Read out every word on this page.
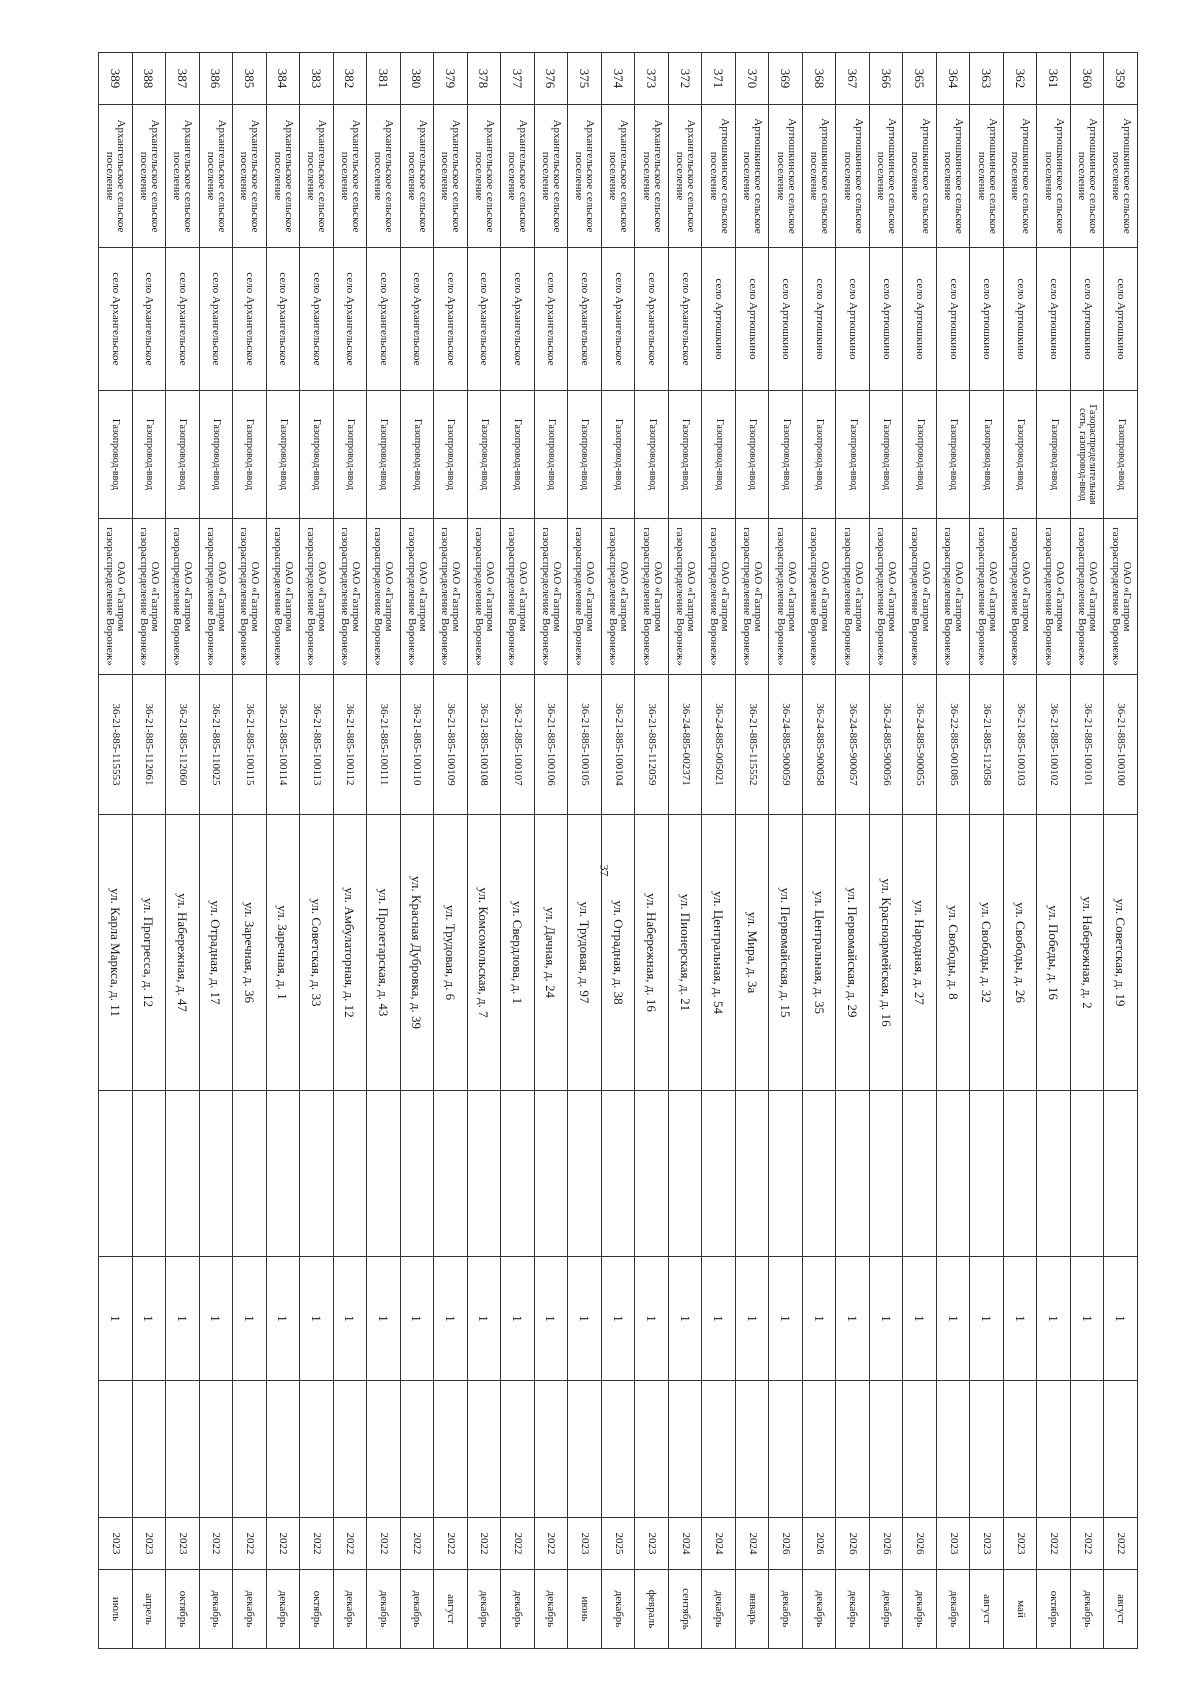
37
359	Артюшкинское сельское поселение	село Артюшкино	Газопровод-ввод	ОАО «Газпром газораспределение Воронеж»	36-21-885-100100	ул. Советская, д. 19		1		2022	август
360	Артюшкинское сельское поселение	село Артюшкино	Газораспределительная сеть, газопровод-ввод	ОАО «Газпром газораспределение Воронеж»	36-21-885-100101	ул. Набережная, д. 2		1		2022	декабрь
361	Артюшкинское сельское поселение	село Артюшкино	Газопровод-ввод	ОАО «Газпром газораспределение Воронеж»	36-21-885-100102	ул. Победы, д. 16		1		2022	октябрь
362	Артюшкинское сельское поселение	село Артюшкино	Газопровод-ввод	ОАО «Газпром газораспределение Воронеж»	36-21-885-100103	ул. Свободы, д. 26		1		2023	май
363	Артюшкинское сельское поселение	село Артюшкино	Газопровод-ввод	ОАО «Газпром газораспределение Воронеж»	36-21-885-112058	ул. Свободы, д. 32		1		2023	август
364	Артюшкинское сельское поселение	село Артюшкино	Газопровод-ввод	ОАО «Газпром газораспределение Воронеж»	36-22-885-001085	ул. Свободы, д. 8		1		2023	декабрь
365	Артюшкинское сельское поселение	село Артюшкино	Газопровод-ввод	ОАО «Газпром газораспределение Воронеж»	36-24-885-900055	ул. Народная, д. 27		1		2026	декабрь
366	Артюшкинское сельское поселение	село Артюшкино	Газопровод-ввод	ОАО «Газпром газораспределение Воронеж»	36-24-885-900056	ул. Красноармейская, д. 16		1		2026	декабрь
367	Артюшкинское сельское поселение	село Артюшкино	Газопровод-ввод	ОАО «Газпром газораспределение Воронеж»	36-24-885-900057	ул. Первомайская, д. 29		1		2026	декабрь
368	Артюшкинское сельское поселение	село Артюшкино	Газопровод-ввод	ОАО «Газпром газораспределение Воронеж»	36-24-885-900058	ул. Центральная, д. 35		1		2026	декабрь
369	Артюшкинское сельское поселение	село Артюшкино	Газопровод-ввод	ОАО «Газпром газораспределение Воронеж»	36-24-885-900059	ул. Первомайская, д. 15		1		2026	декабрь
370	Артюшкинское сельское поселение	село Артюшкино	Газопровод-ввод	ОАО «Газпром газораспределение Воронеж»	36-21-885-115552	ул. Мира, д. 3а		1		2024	январь
371	Артюшкинское сельское поселение	село Артюшкино	Газопровод-ввод	ОАО «Газпром газораспределение Воронеж»	36-24-885-005021	ул. Центральная, д. 54		1		2024	декабрь
372	Архангельское сельское поселение	село Архангельское	Газопровод-ввод	ОАО «Газпром газораспределение Воронеж»	36-24-885-002371	ул. Пионерская, д. 21		1		2024	сентябрь
373	Архангельское сельское поселение	село Архангельское	Газопровод-ввод	ОАО «Газпром газораспределение Воронеж»	36-21-885-112059	ул. Набережная, д. 16		1		2023	февраль
374	Архангельское сельское поселение	село Архангельское	Газопровод-ввод	ОАО «Газпром газораспределение Воронеж»	36-21-885-100104	ул. Отрадная, д. 38		1		2025	декабрь
375	Архангельское сельское поселение	село Архангельское	Газопровод-ввод	ОАО «Газпром газораспределение Воронеж»	36-21-885-100105	ул. Трудовая, д. 97		1		2023	июнь
376	Архангельское сельское поселение	село Архангельское	Газопровод-ввод	ОАО «Газпром газораспределение Воронеж»	36-21-885-100106	ул. Дачная, д. 24		1		2022	декабрь
377	Архангельское сельское поселение	село Архангельское	Газопровод-ввод	ОАО «Газпром газораспределение Воронеж»	36-21-885-100107	ул. Свердлова, д. 1		1		2022	декабрь
378	Архангельское сельское поселение	село Архангельское	Газопровод-ввод	ОАО «Газпром газораспределение Воронеж»	36-21-885-100108	ул. Комсомольская, д. 7		1		2022	декабрь
379	Архангельское сельское поселение	село Архангельское	Газопровод-ввод	ОАО «Газпром газораспределение Воронеж»	36-21-885-100109	ул. Трудовая, д. 6		1		2022	август
380	Архангельское сельское поселение	село Архангельское	Газопровод-ввод	ОАО «Газпром газораспределение Воронеж»	36-21-885-100110	ул. Красная Дубровка, д. 39		1		2022	декабрь
381	Архангельское сельское поселение	село Архангельское	Газопровод-ввод	ОАО «Газпром газораспределение Воронеж»	36-21-885-100111	ул. Пролетарская, д. 43		1		2022	декабрь
382	Архангельское сельское поселение	село Архангельское	Газопровод-ввод	ОАО «Газпром газораспределение Воронеж»	36-21-885-100112	ул. Амбулаторная, д. 12		1		2022	декабрь
383	Архангельское сельское поселение	село Архангельское	Газопровод-ввод	ОАО «Газпром газораспределение Воронеж»	36-21-885-100113	ул. Советская, д. 33		1		2022	октябрь
384	Архангельское сельское поселение	село Архангельское	Газопровод-ввод	ОАО «Газпром газораспределение Воронеж»	36-21-885-100114	ул. Заречная, д. 1		1		2022	декабрь
385	Архангельское сельское поселение	село Архангельское	Газопровод-ввод	ОАО «Газпром газораспределение Воронеж»	36-21-885-100115	ул. Заречная, д. 36		1		2022	декабрь
386	Архангельское сельское поселение	село Архангельское	Газопровод-ввод	ОАО «Газпром газораспределение Воронеж»	36-21-885-110025	ул. Отрадная, д. 17		1		2022	декабрь
387	Архангельское сельское поселение	село Архангельское	Газопровод-ввод	ОАО «Газпром газораспределение Воронеж»	36-21-885-112060	ул. Набережная, д. 47		1		2023	октябрь
388	Архангельское сельское поселение	село Архангельское	Газопровод-ввод	ОАО «Газпром газораспределение Воронеж»	36-21-885-112061	ул. Прогресса, д. 12		1		2023	апрель
389	Архангельское сельское поселение	село Архангельское	Газопровод-ввод	ОАО «Газпром газораспределение Воронеж»	36-21-885-115553	ул. Карла Маркса, д. 11		1		2023	июль
